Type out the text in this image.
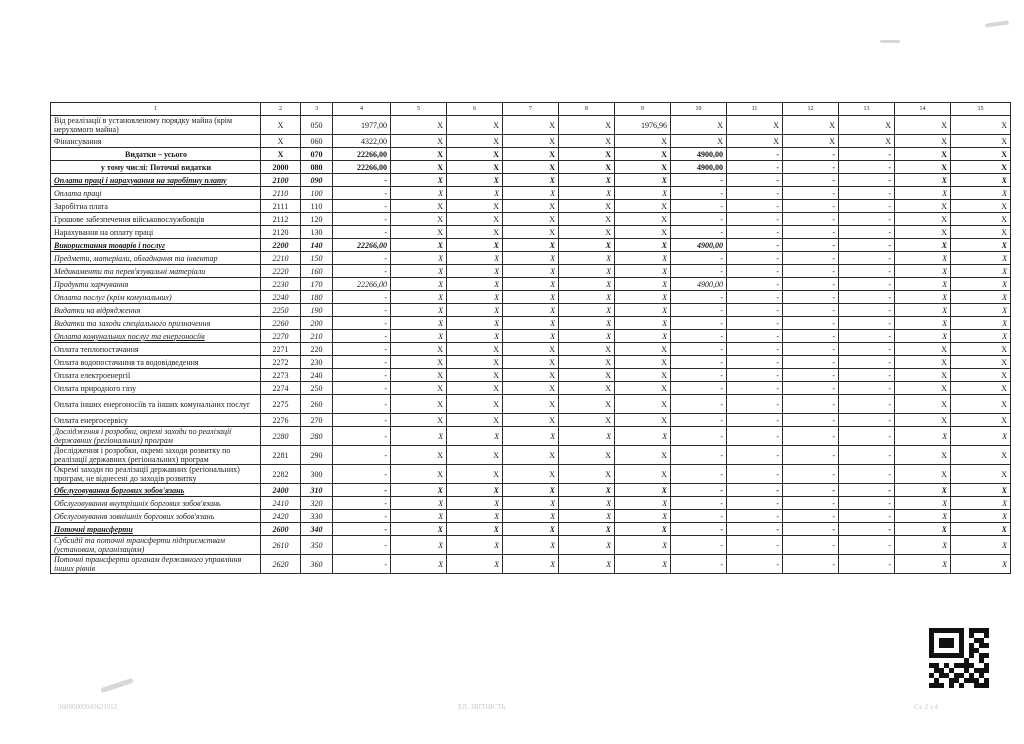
1	2	3	4	5	6	7	8	9	10	11	12	13	14	15
Від реалізації в установленому порядку майна (крім нерухомого майна)	Х	050	1977,00	Х	Х	Х	Х	1976,96	Х	Х	Х	Х	Х	Х
Фінансування	Х	060	4322,00	Х	Х	Х	Х	Х	Х	Х	Х	Х	Х	Х
Видатки – усього	Х	070	22266,00	Х	Х	Х	Х	Х	4900,00	-	-	-	Х	Х
у тому числі: Поточні видатки	2000	080	22266,00	Х	Х	Х	Х	Х	4900,00	-	-	-	Х	Х
Оплата праці і нарахування на заробітну плату	2100	090	-	Х	Х	Х	Х	Х	-	-	-	-	Х	Х
Оплата праці	2110	100	-	Х	Х	Х	Х	Х	-	-	-	-	Х	Х
Заробітна плата	2111	110	-	Х	Х	Х	Х	Х	-	-	-	-	Х	Х
Грошове забезпечення військовослужбовців	2112	120	-	Х	Х	Х	Х	Х	-	-	-	-	Х	Х
Нарахування на оплату праці	2120	130	-	Х	Х	Х	Х	Х	-	-	-	-	Х	Х
Використання товарів і послуг	2200	140	22266,00	Х	Х	Х	Х	Х	4900,00	-	-	-	Х	Х
Предмети, матеріали, обладнання та інвентар	2210	150	-	Х	Х	Х	Х	Х	-	-	-	-	Х	Х
Медикаменти та перев'язувальні матеріали	2220	160	-	Х	Х	Х	Х	Х	-	-	-	-	Х	Х
Продукти харчування	2230	170	22266,00	Х	Х	Х	Х	Х	4900,00	-	-	-	Х	Х
Оплата послуг (крім комунальних)	2240	180	-	Х	Х	Х	Х	Х	-	-	-	-	Х	Х
Видатки на відрядження	2250	190	-	Х	Х	Х	Х	Х	-	-	-	-	Х	Х
Видатки та заходи спеціального призначення	2260	200	-	Х	Х	Х	Х	Х	-	-	-	-	Х	Х
Оплата комунальних послуг та енергоносіїв	2270	210	-	Х	Х	Х	Х	Х	-	-	-	-	Х	Х
Оплата теплопостачання	2271	220	-	Х	Х	Х	Х	Х	-	-	-	-	Х	Х
Оплата водопостачання та водовідведення	2272	230	-	Х	Х	Х	Х	Х	-	-	-	-	Х	Х
Оплата електроенергії	2273	240	-	Х	Х	Х	Х	Х	-	-	-	-	Х	Х
Оплата природного газу	2274	250	-	Х	Х	Х	Х	Х	-	-	-	-	Х	Х
Оплата інших енергоносіїв та інших комунальних послуг	2275	260	-	Х	Х	Х	Х	Х	-	-	-	-	Х	Х
Оплата енергосервісу	2276	270	-	Х	Х	Х	Х	Х	-	-	-	-	Х	Х
Дослідження і розробки, окремі заходи по реалізації державних (регіональних) програм	2280	280	-	Х	Х	Х	Х	Х	-	-	-	-	Х	Х
Дослідження і розробки, окремі заходи розвитку по реалізації державних (регіональних) програм	2281	290	-	Х	Х	Х	Х	Х	-	-	-	-	Х	Х
Окремі заходи по реалізації державних (регіональних) програм, не віднесені до заходів розвитку	2282	300	-	Х	Х	Х	Х	Х	-	-	-	-	Х	Х
Обслуговування боргових зобов'язань	2400	310	-	Х	Х	Х	Х	Х	-	-	-	-	Х	Х
Обслуговування внутрішніх боргових зобов'язань	2410	320	-	Х	Х	Х	Х	Х	-	-	-	-	Х	Х
Обслуговування зовнішніх боргових зобов'язань	2420	330	-	Х	Х	Х	Х	Х	-	-	-	-	Х	Х
Поточні трансферти	2600	340	-	Х	Х	Х	Х	Х	-	-	-	-	Х	Х
Субсидії та поточні трансферти підприємствам (установам, організаціям)	2610	350	-	Х	Х	Х	Х	Х	-	-	-	-	Х	Х
Поточні трансферти органам державного управління інших рівнів	2620	360	-	Х	Х	Х	Х	Х	-	-	-	-	Х	Х
36000000945621052	ЕЛ. ЗВІТНІСТЬ	Ст. 2 з 4
